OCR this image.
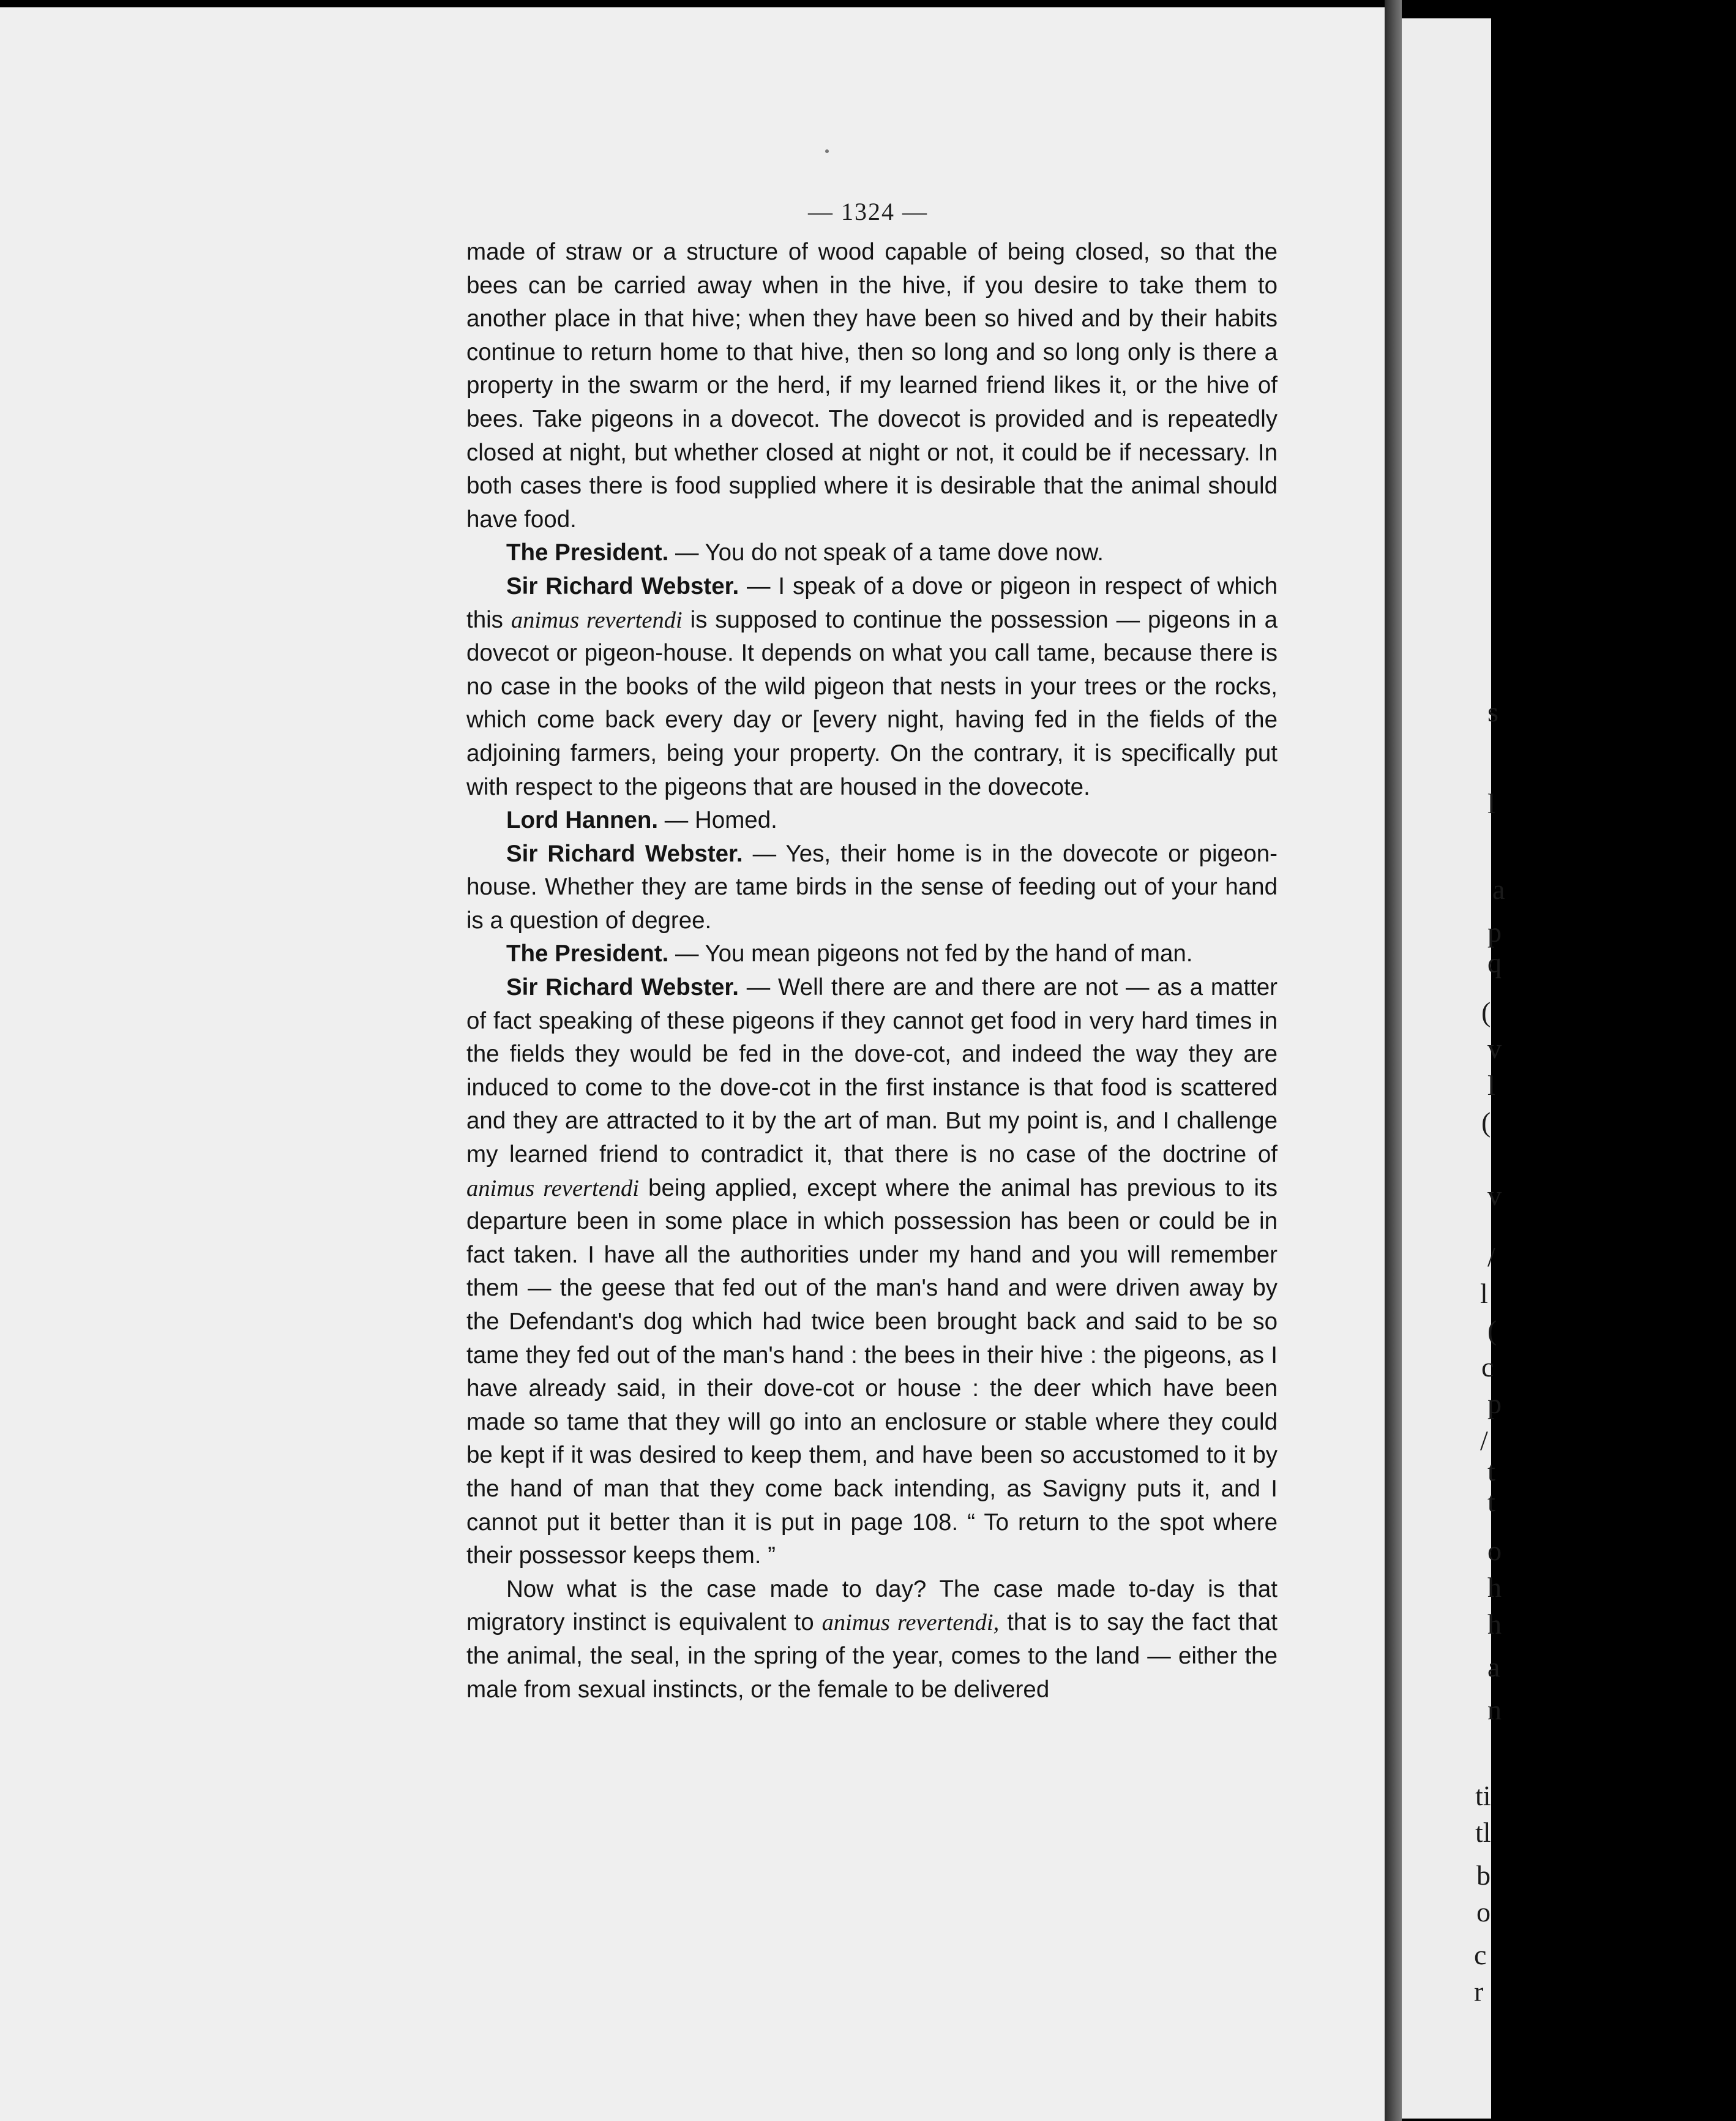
s
l
a
p
q
(
v
l
(
v
/
l
(
c
p
/
t
t
o
h
h
a
n
ti
tl
b
o
c
r
— 1324 —

made of straw or a structure of wood capable of being closed, so that the bees can be carried away when in the hive, if you desire to take them to another place in that hive; when they have been so hived and by their habits continue to return home to that hive, then so long and so long only is there a property in the swarm or the herd, if my learned friend likes it, or the hive of bees. Take pigeons in a dovecot. The dovecot is provided and is repeatedly closed at night, but whether closed at night or not, it could be if necessary. In both cases there is food supplied where it is desirable that the animal should have food.

The President. — You do not speak of a tame dove now.

Sir Richard Webster. — I speak of a dove or pigeon in respect of which this animus revertendi is supposed to continue the possession — pigeons in a dovecot or pigeon-house. It depends on what you call tame, because there is no case in the books of the wild pigeon that nests in your trees or the rocks, which come back every day or [every night, having fed in the fields of the adjoining farmers, being your property. On the contrary, it is specifically put with respect to the pigeons that are housed in the dovecote.

Lord Hannen. — Homed.

Sir Richard Webster. — Yes, their home is in the dovecote or pigeon-house. Whether they are tame birds in the sense of feeding out of your hand is a question of degree.

The President. — You mean pigeons not fed by the hand of man.

Sir Richard Webster. — Well there are and there are not — as a matter of fact speaking of these pigeons if they cannot get food in very hard times in the fields they would be fed in the dove-cot, and indeed the way they are induced to come to the dove-cot in the first instance is that food is scattered and they are attracted to it by the art of man. But my point is, and I challenge my learned friend to contradict it, that there is no case of the doctrine of animus revertendi being applied, except where the animal has previous to its departure been in some place in which possession has been or could be in fact taken. I have all the authorities under my hand and you will remember them — the geese that fed out of the man's hand and were driven away by the Defendant's dog which had twice been brought back and said to be so tame they fed out of the man's hand : the bees in their hive : the pigeons, as I have already said, in their dove-cot or house : the deer which have been made so tame that they will go into an enclosure or stable where they could be kept if it was desired to keep them, and have been so accustomed to it by the hand of man that they come back intending, as Savigny puts it, and I cannot put it better than it is put in page 108. “ To return to the spot where their possessor keeps them. ”

Now what is the case made to day? The case made to-day is that migratory instinct is equivalent to animus revertendi, that is to say the fact that the animal, the seal, in the spring of the year, comes to the land — either the male from sexual instincts, or the female to be delivered
